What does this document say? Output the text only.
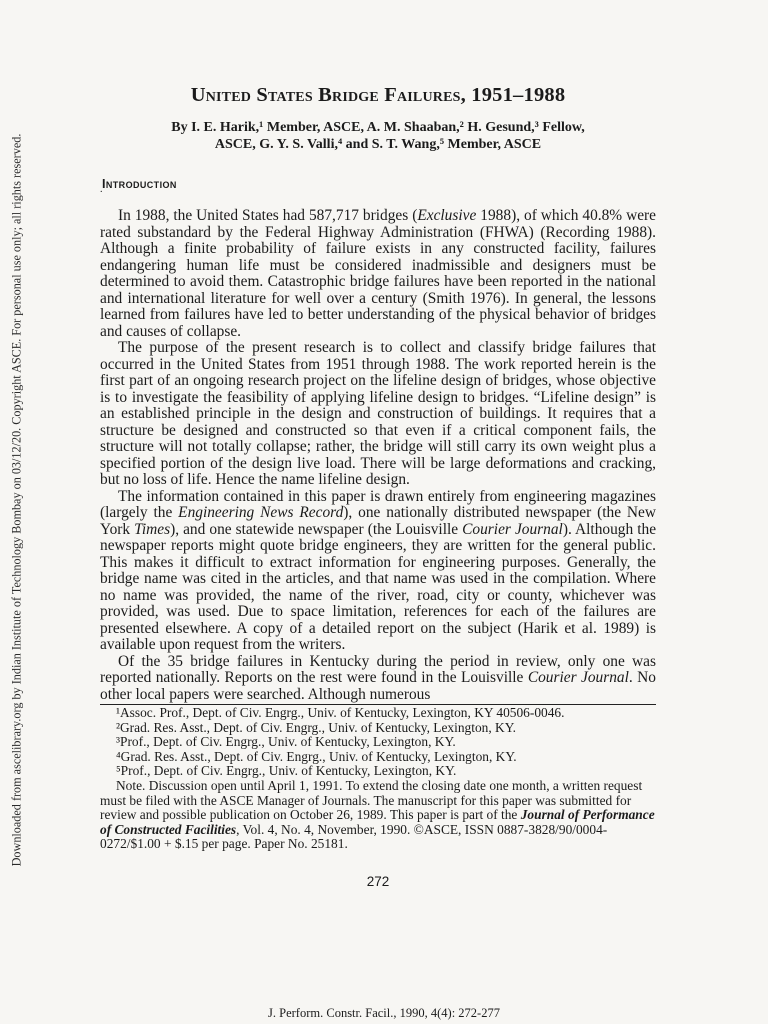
Downloaded from ascelibrary.org by Indian Institute of Technology Bombay on 03/12/20. Copyright ASCE. For personal use only; all rights reserved.	.
United States Bridge Failures, 1951–1988
By I. E. Harik,¹ Member, ASCE, A. M. Shaaban,² H. Gesund,³ Fellow,
ASCE, G. Y. S. Valli,⁴ and S. T. Wang,⁵ Member, ASCE
Introduction

In 1988, the United States had 587,717 bridges (Exclusive 1988), of which 40.8% were rated substandard by the Federal Highway Administration (FHWA) (Recording 1988). Although a finite probability of failure exists in any constructed facility, failures endangering human life must be considered inadmissible and designers must be determined to avoid them. Catastrophic bridge failures have been reported in the national and international literature for well over a century (Smith 1976). In general, the lessons learned from failures have led to better understanding of the physical behavior of bridges and causes of collapse.

The purpose of the present research is to collect and classify bridge failures that occurred in the United States from 1951 through 1988. The work reported herein is the first part of an ongoing research project on the lifeline design of bridges, whose objective is to investigate the feasibility of applying lifeline design to bridges. “Lifeline design” is an established principle in the design and construction of buildings. It requires that a structure be designed and constructed so that even if a critical component fails, the structure will not totally collapse; rather, the bridge will still carry its own weight plus a specified portion of the design live load. There will be large deformations and cracking, but no loss of life. Hence the name lifeline design.

The information contained in this paper is drawn entirely from engineering magazines (largely the Engineering News Record), one nationally distributed newspaper (the New York Times), and one statewide newspaper (the Louisville Courier Journal). Although the newspaper reports might quote bridge engineers, they are written for the general public. This makes it difficult to extract information for engineering purposes. Generally, the bridge name was cited in the articles, and that name was used in the compilation. Where no name was provided, the name of the river, road, city or county, whichever was provided, was used. Due to space limitation, references for each of the failures are presented elsewhere. A copy of a detailed report on the subject (Harik et al. 1989) is available upon request from the writers.

Of the 35 bridge failures in Kentucky during the period in review, only one was reported nationally. Reports on the rest were found in the Louisville Courier Journal. No other local papers were searched. Although numerous

¹Assoc. Prof., Dept. of Civ. Engrg., Univ. of Kentucky, Lexington, KY 40506-0046.

²Grad. Res. Asst., Dept. of Civ. Engrg., Univ. of Kentucky, Lexington, KY.

³Prof., Dept. of Civ. Engrg., Univ. of Kentucky, Lexington, KY.

⁴Grad. Res. Asst., Dept. of Civ. Engrg., Univ. of Kentucky, Lexington, KY.

⁵Prof., Dept. of Civ. Engrg., Univ. of Kentucky, Lexington, KY.

Note. Discussion open until April 1, 1991. To extend the closing date one month, a written request must be filed with the ASCE Manager of Journals. The manuscript for this paper was submitted for review and possible publication on October 26, 1989. This paper is part of the Journal of Performance of Constructed Facilities, Vol. 4, No. 4, November, 1990. ©ASCE, ISSN 0887-3828/90/0004-0272/$1.00 + $.15 per page. Paper No. 25181.

272
J. Perform. Constr. Facil., 1990, 4(4): 272-277
